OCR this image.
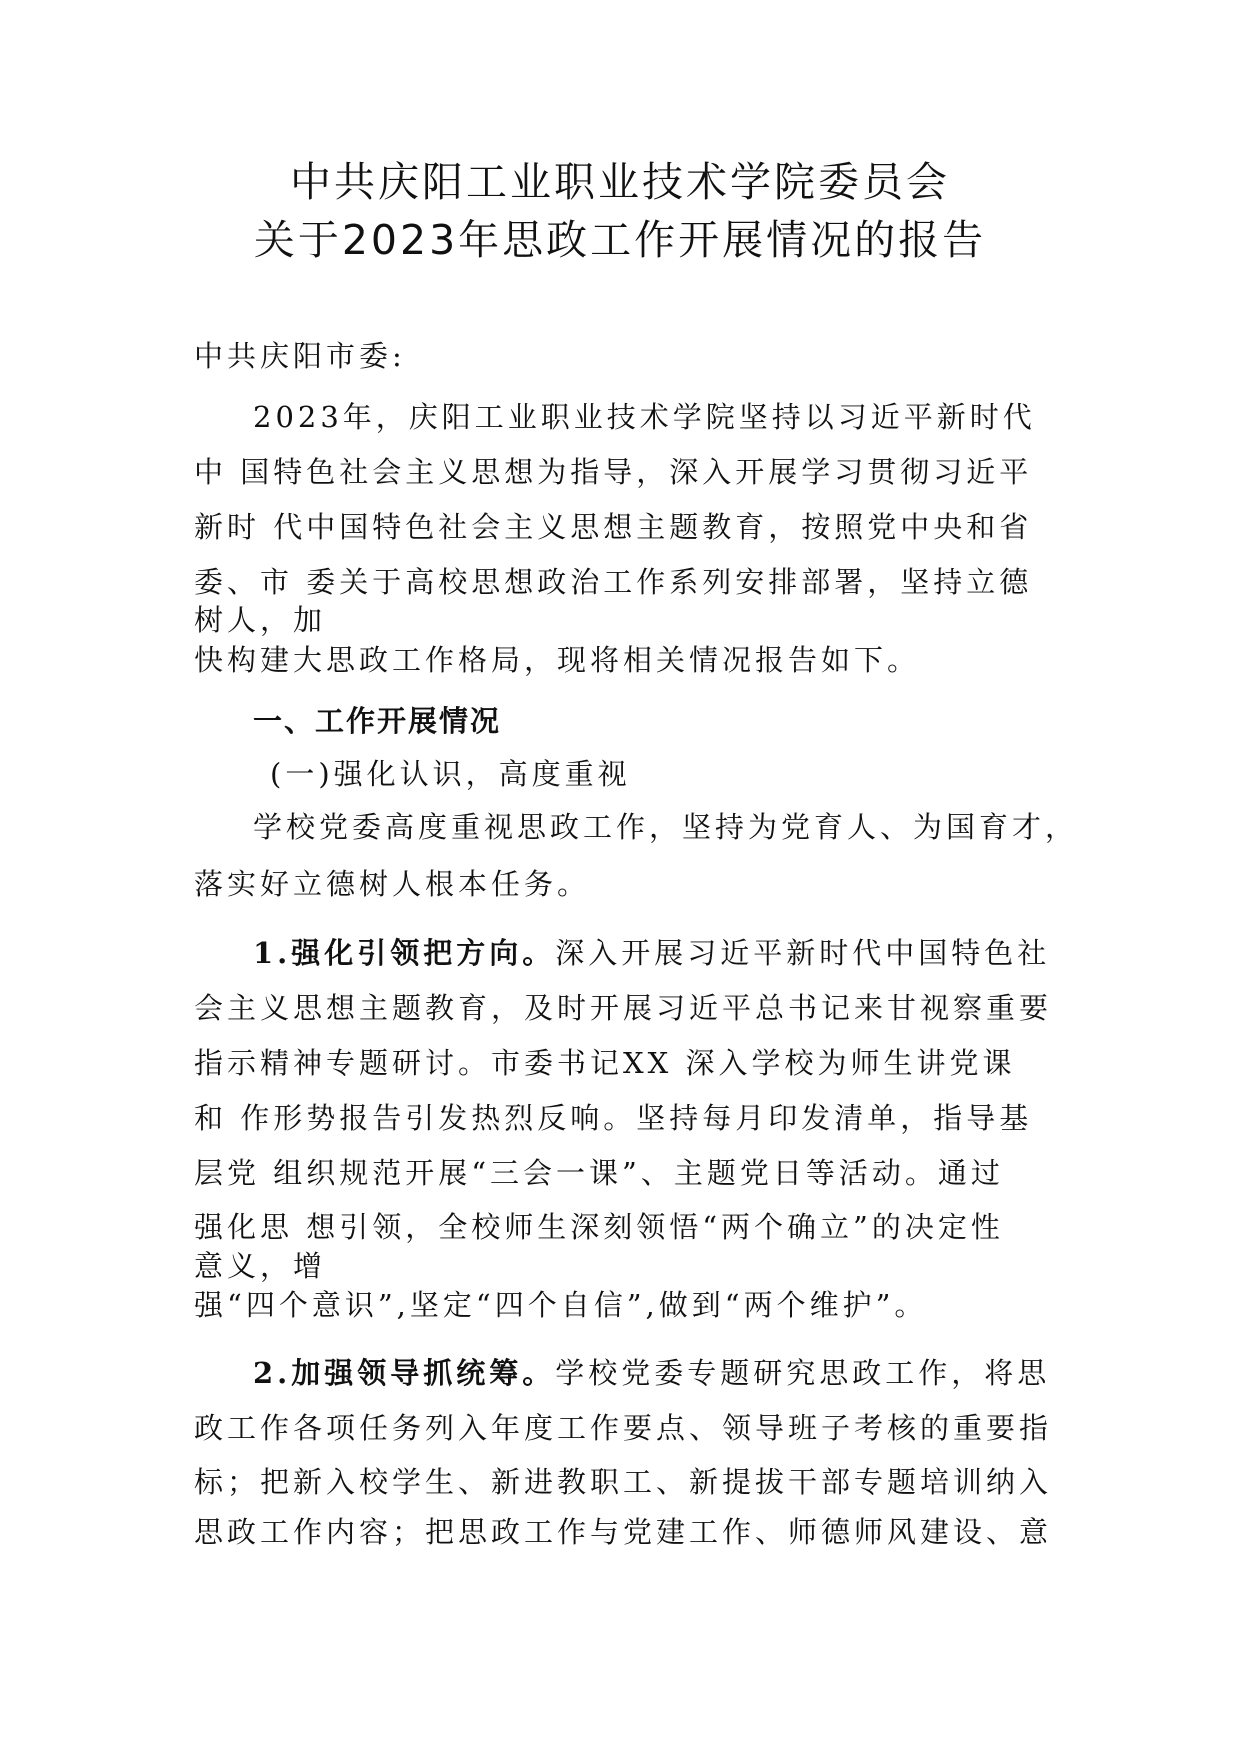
中共庆阳工业职业技术学院委员会
关于2023年思政工作开展情况的报告
中共庆阳市委:
2023年，庆阳工业职业技术学院坚持以习近平新时代
中 国特色社会主义思想为指导，深入开展学习贯彻习近平
新时 代中国特色社会主义思想主题教育，按照党中央和省
委、市 委关于高校思想政治工作系列安排部署，坚持立德
树人，加
快构建大思政工作格局，现将相关情况报告如下。
一、工作开展情况
(一)强化认识，高度重视
学校党委高度重视思政工作，坚持为党育人、为国育才，
落实好立德树人根本任务。
1.强化引领把方向。深入开展习近平新时代中国特色社
会主义思想主题教育，及时开展习近平总书记来甘视察重要
指示精神专题研讨。市委书记XX 深入学校为师生讲党课
和 作形势报告引发热烈反响。坚持每月印发清单，指导基
层党 组织规范开展“三会一课”、主题党日等活动。通过
强化思 想引领，全校师生深刻领悟“两个确立”的决定性
意义，增
强“四个意识”,坚定“四个自信”,做到“两个维护”。
2.加强领导抓统筹。学校党委专题研究思政工作，将思
政工作各项任务列入年度工作要点、领导班子考核的重要指
标；把新入校学生、新进教职工、新提拔干部专题培训纳入
思政工作内容；把思政工作与党建工作、师德师风建设、意
